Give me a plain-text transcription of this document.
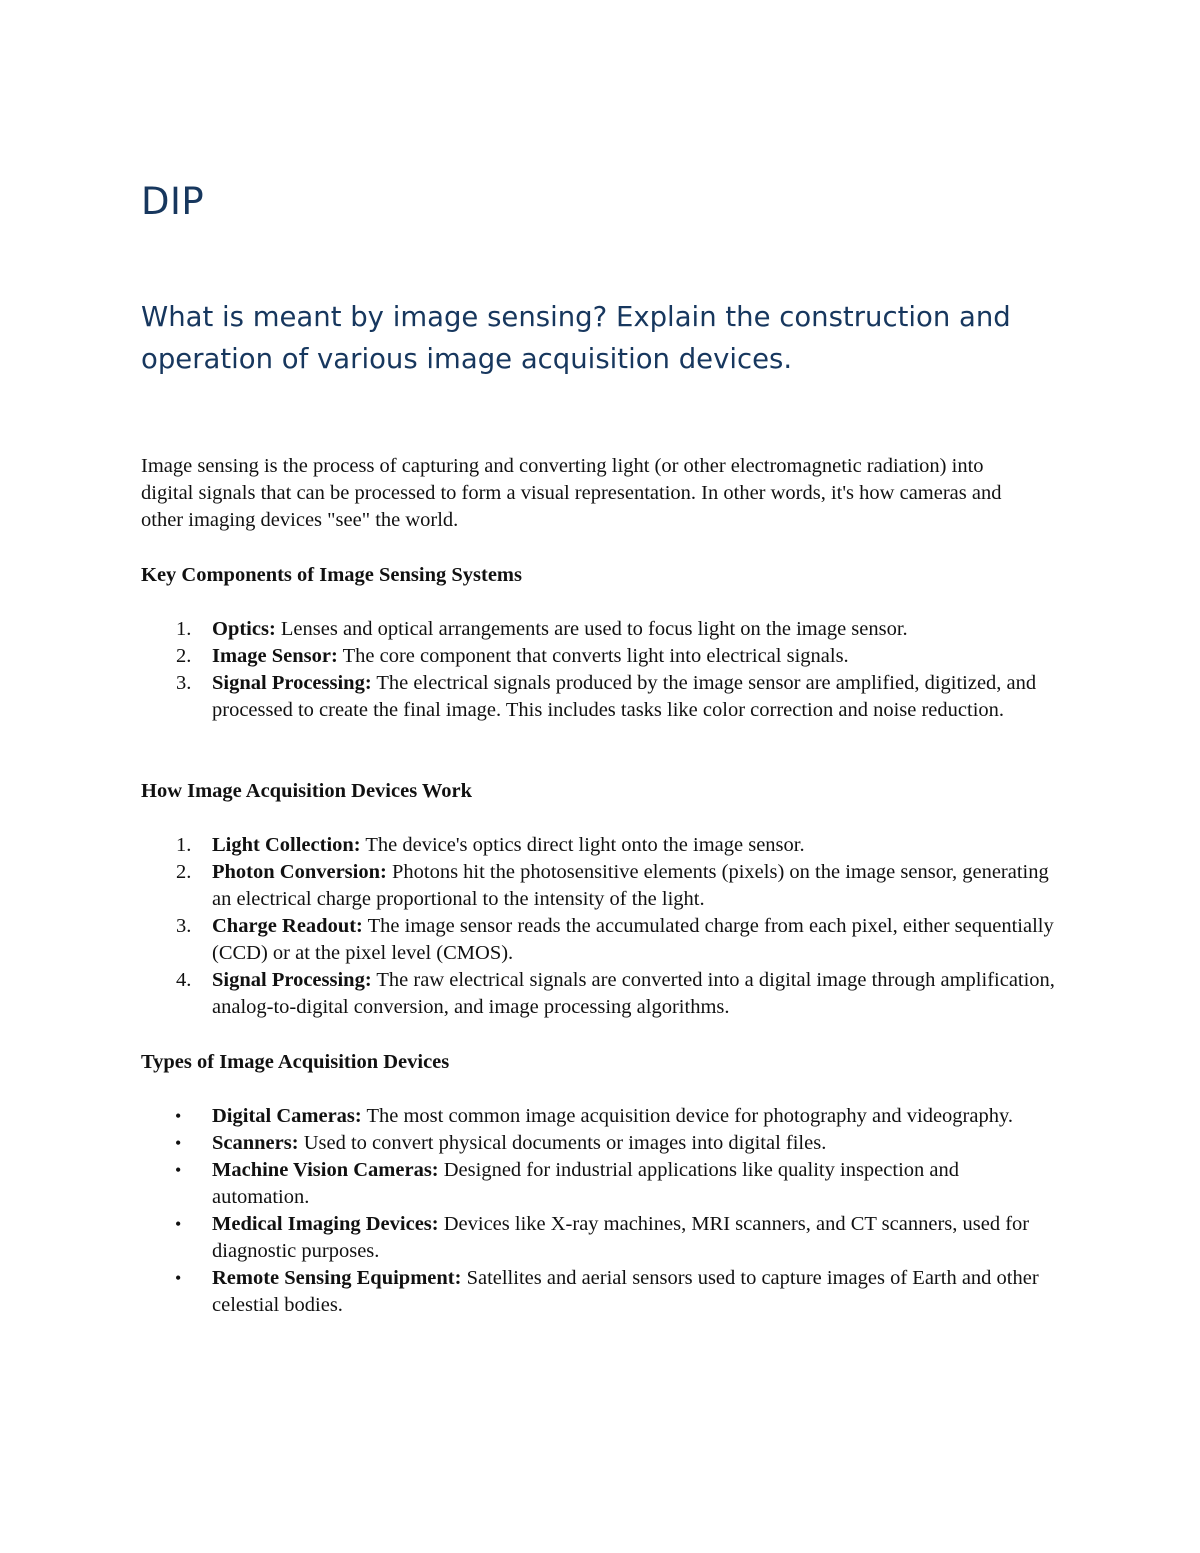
DIP
What is meant by image sensing? Explain the construction and operation of various image acquisition devices.

Image sensing is the process of capturing and converting light (or other electromagnetic radiation) into digital signals that can be processed to form a visual representation. In other words, it's how cameras and other imaging devices "see" the world.

Key Components of Image Sensing Systems
1. Optics: Lenses and optical arrangements are used to focus light on the image sensor.
2. Image Sensor: The core component that converts light into electrical signals.
3. Signal Processing: The electrical signals produced by the image sensor are amplified, digitized, and processed to create the final image. This includes tasks like color correction and noise reduction.
How Image Acquisition Devices Work
1. Light Collection: The device's optics direct light onto the image sensor.
2. Photon Conversion: Photons hit the photosensitive elements (pixels) on the image sensor, generating an electrical charge proportional to the intensity of the light.
3. Charge Readout: The image sensor reads the accumulated charge from each pixel, either sequentially (CCD) or at the pixel level (CMOS).
4. Signal Processing: The raw electrical signals are converted into a digital image through amplification, analog-to-digital conversion, and image processing algorithms.
Types of Image Acquisition Devices
• Digital Cameras: The most common image acquisition device for photography and videography.
• Scanners: Used to convert physical documents or images into digital files.
• Machine Vision Cameras: Designed for industrial applications like quality inspection and automation.
• Medical Imaging Devices: Devices like X-ray machines, MRI scanners, and CT scanners, used for diagnostic purposes.
• Remote Sensing Equipment: Satellites and aerial sensors used to capture images of Earth and other celestial bodies.
